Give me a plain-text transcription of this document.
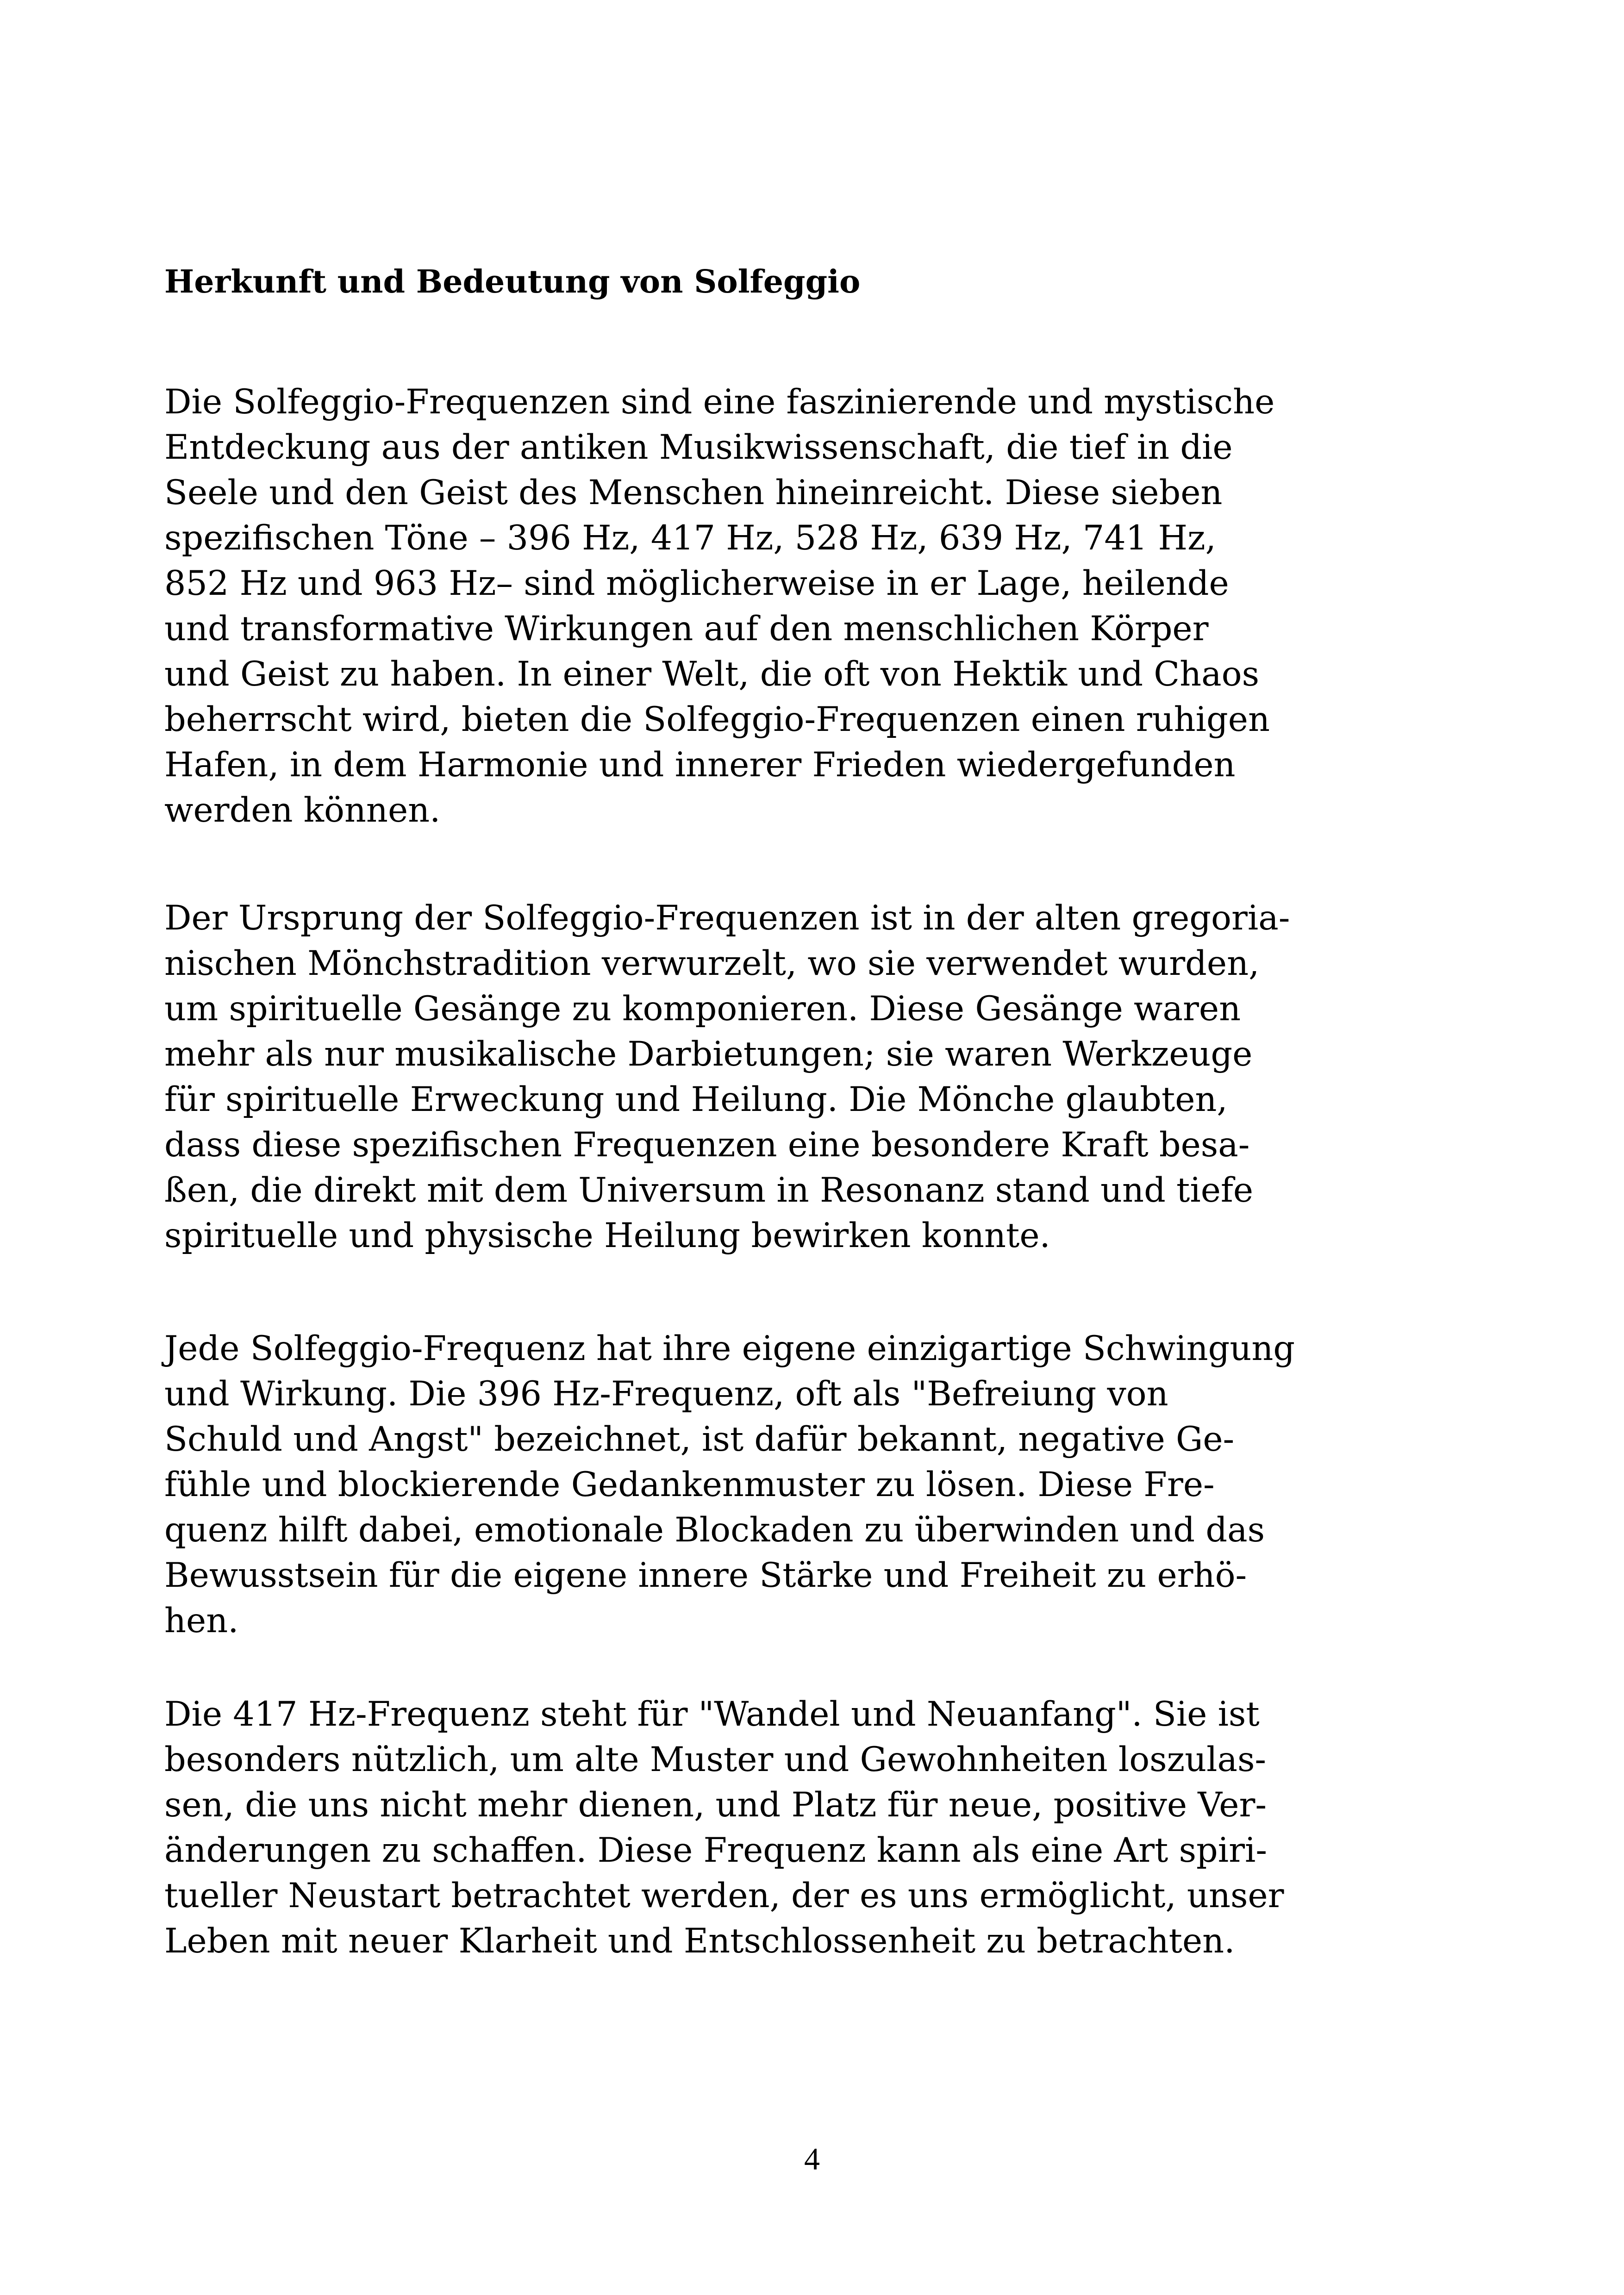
Herkunft und Bedeutung von Solfeggio
Die Solfeggio-Frequenzen sind eine faszinierende und mystische
Entdeckung aus der antiken Musikwissenschaft, die tief in die
Seele und den Geist des Menschen hineinreicht. Diese sieben
spezifischen Töne – 396 Hz, 417 Hz, 528 Hz, 639 Hz, 741 Hz,
852 Hz und 963 Hz– sind möglicherweise in er Lage, heilende
und transformative Wirkungen auf den menschlichen Körper
und Geist zu haben. In einer Welt, die oft von Hektik und Chaos
beherrscht wird, bieten die Solfeggio-Frequenzen einen ruhigen
Hafen, in dem Harmonie und innerer Frieden wiedergefunden
werden können.
Der Ursprung der Solfeggio-Frequenzen ist in der alten gregoria-
nischen Mönchstradition verwurzelt, wo sie verwendet wurden,
um spirituelle Gesänge zu komponieren. Diese Gesänge waren
mehr als nur musikalische Darbietungen; sie waren Werkzeuge
für spirituelle Erweckung und Heilung. Die Mönche glaubten,
dass diese spezifischen Frequenzen eine besondere Kraft besa-
ßen, die direkt mit dem Universum in Resonanz stand und tiefe
spirituelle und physische Heilung bewirken konnte.
Jede Solfeggio-Frequenz hat ihre eigene einzigartige Schwingung
und Wirkung. Die 396 Hz-Frequenz, oft als "Befreiung von
Schuld und Angst" bezeichnet, ist dafür bekannt, negative Ge-
fühle und blockierende Gedankenmuster zu lösen. Diese Fre-
quenz hilft dabei, emotionale Blockaden zu überwinden und das
Bewusstsein für die eigene innere Stärke und Freiheit zu erhö-
hen.
Die 417 Hz-Frequenz steht für "Wandel und Neuanfang". Sie ist
besonders nützlich, um alte Muster und Gewohnheiten loszulas-
sen, die uns nicht mehr dienen, und Platz für neue, positive Ver-
änderungen zu schaffen. Diese Frequenz kann als eine Art spiri-
tueller Neustart betrachtet werden, der es uns ermöglicht, unser
Leben mit neuer Klarheit und Entschlossenheit zu betrachten.
4
